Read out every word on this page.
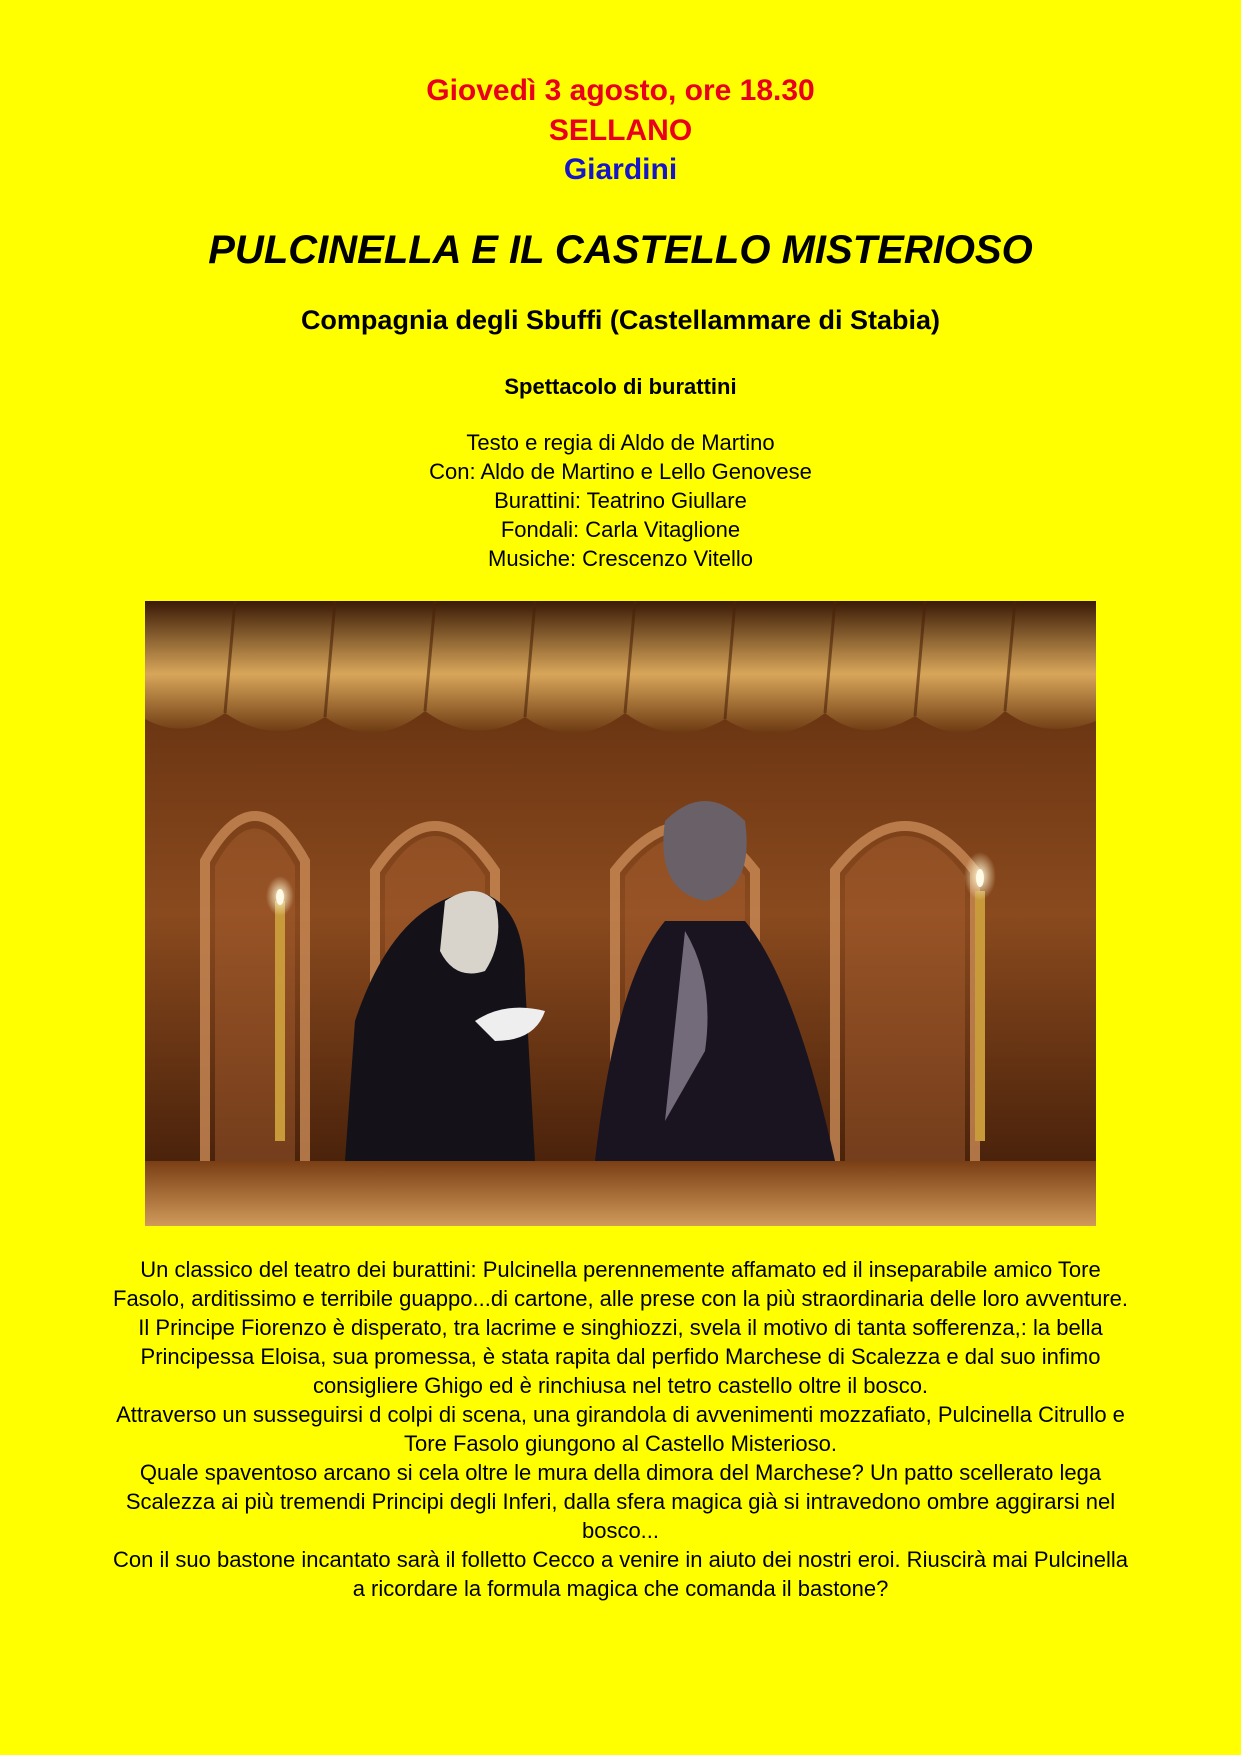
Giovedì 3 agosto, ore 18.30
SELLANO
Giardini
PULCINELLA E IL CASTELLO MISTERIOSO
Compagnia degli Sbuffi (Castellammare di Stabia)
Spettacolo di burattini
Testo e regia di Aldo de Martino
Con: Aldo de Martino e Lello Genovese
Burattini: Teatrino Giullare
Fondali: Carla Vitaglione
Musiche: Crescenzo Vitello

Un classico del teatro dei burattini: Pulcinella perennemente affamato ed il inseparabile amico Tore Fasolo, arditissimo e terribile guappo...di cartone, alle prese con la più straordinaria delle loro avventure.

Il Principe Fiorenzo è disperato, tra lacrime e singhiozzi, svela il motivo di tanta sofferenza,: la bella Principessa Eloisa, sua promessa, è stata rapita dal perfido Marchese di Scalezza e dal suo infimo consigliere Ghigo ed è rinchiusa nel tetro castello oltre il bosco.

Attraverso un susseguirsi d colpi di scena, una girandola di avvenimenti mozzafiato, Pulcinella Citrullo e Tore Fasolo giungono al Castello Misterioso.

Quale spaventoso arcano si cela oltre le mura della dimora del Marchese? Un patto scellerato lega Scalezza ai più tremendi Principi degli Inferi, dalla sfera magica già si intravedono ombre aggirarsi nel bosco...

Con il suo bastone incantato sarà il folletto Cecco a venire in aiuto dei nostri eroi. Riuscirà mai Pulcinella a ricordare la formula magica che comanda il bastone?
